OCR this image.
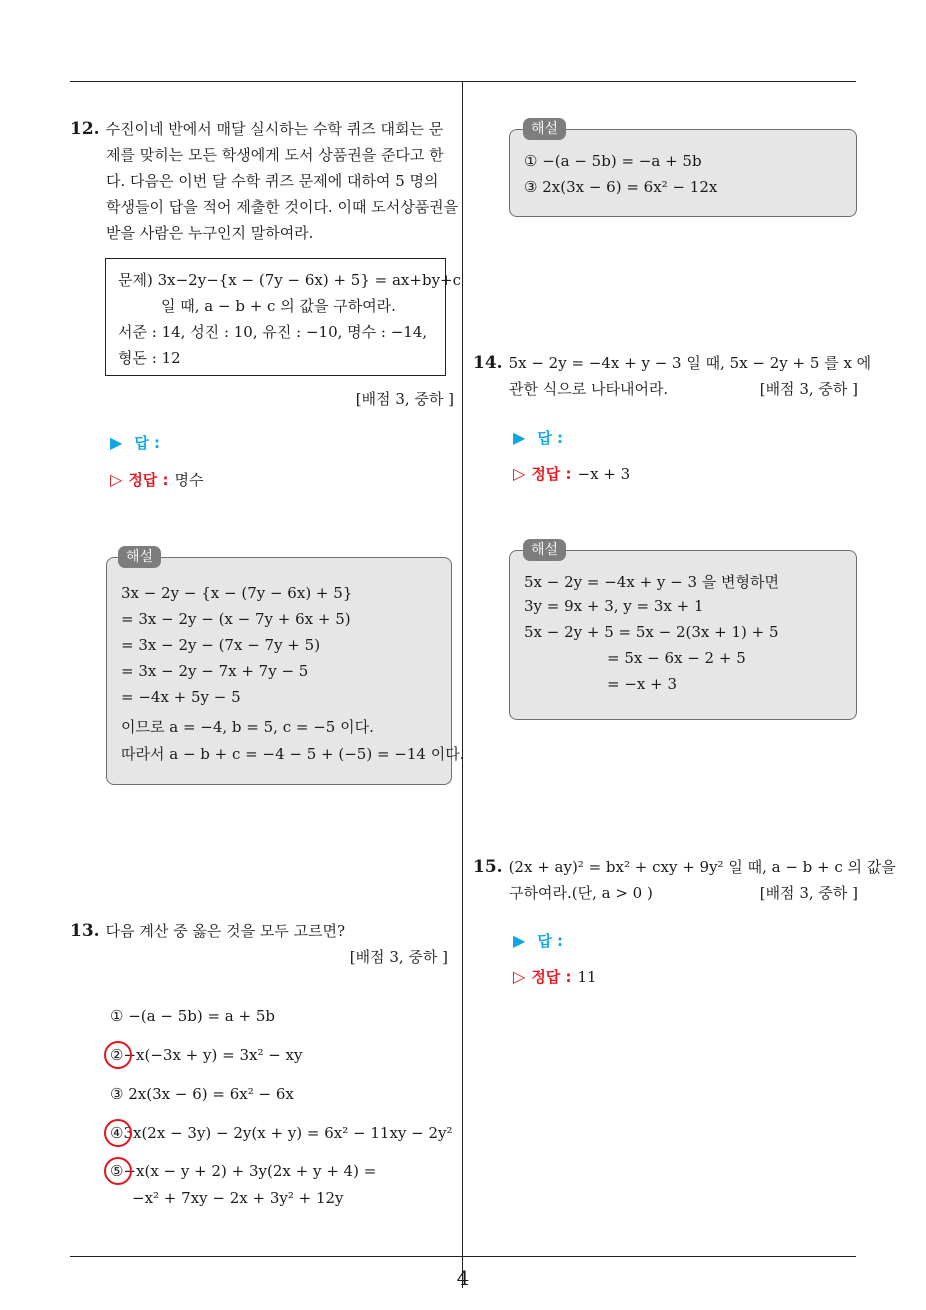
4
12. 수진이네 반에서 매달 실시하는 수학 퀴즈 대회는 문
제를 맞히는 모든 학생에게 도서 상품권을 준다고 한
다. 다음은 이번 달 수학 퀴즈 문제에 대하여 5 명의
학생들이 답을 적어 제출한 것이다. 이때 도서상품권을
받을 사람은 누구인지 말하여라.
문제) 3x−2y−{x − (7y − 6x) + 5} = ax+by+c
일 때, a − b + c 의 값을 구하여라.
서준 : 14, 성진 : 10, 유진 : −10, 명수 : −14,
형돈 : 12
[배점 3, 중하 ]
▶ 답 :
▷ 정답 : 명수
3x − 2y − {x − (7y − 6x) + 5}
= 3x − 2y − (x − 7y + 6x + 5)
= 3x − 2y − (7x − 7y + 5)
= 3x − 2y − 7x + 7y − 5
= −4x + 5y − 5
이므로 a = −4, b = 5, c = −5 이다.
따라서 a − b + c = −4 − 5 + (−5) = −14 이다.
해설
13. 다음 계산 중 옳은 것을 모두 고르면?
[배점 3, 중하 ]
① −(a − 5b) = a + 5b
②−x(−3x + y) = 3x² − xy
③ 2x(3x − 6) = 6x² − 6x
④3x(2x − 3y) − 2y(x + y) = 6x² − 11xy − 2y²
⑤−x(x − y + 2) + 3y(2x + y + 4) =
−x² + 7xy − 2x + 3y² + 12y
① −(a − 5b) = −a + 5b
③ 2x(3x − 6) = 6x² − 12x
해설
14. 5x − 2y = −4x + y − 3 일 때, 5x − 2y + 5 를 x 에
관한 식으로 나타내어라.	[배점 3, 중하 ]
▶ 답 :
▷ 정답 : −x + 3
5x − 2y = −4x + y − 3 을 변형하면
3y = 9x + 3, y = 3x + 1
5x − 2y + 5 = 5x − 2(3x + 1) + 5
= 5x − 6x − 2 + 5
= −x + 3
해설
15. (2x + ay)² = bx² + cxy + 9y² 일 때, a − b + c 의 값을
구하여라.(단, a > 0 )	[배점 3, 중하 ]
▶ 답 :
▷ 정답 : 11
